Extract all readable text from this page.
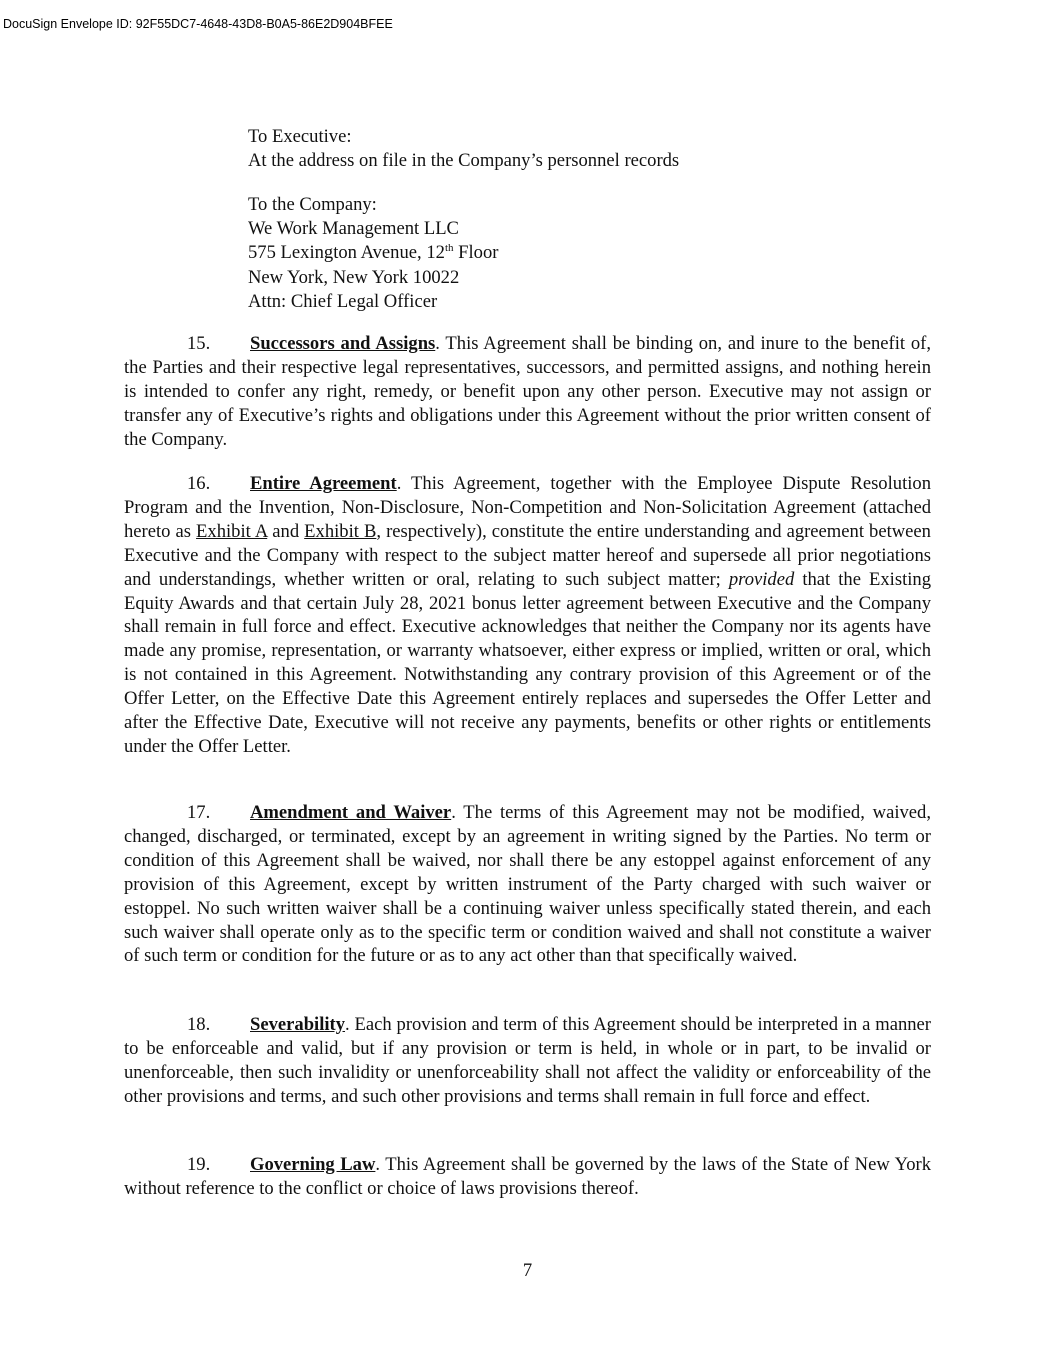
DocuSign Envelope ID: 92F55DC7-4648-43D8-B0A5-86E2D904BFEE
To Executive:
At the address on file in the Company’s personnel records
To the Company:
We Work Management LLC
575 Lexington Avenue, 12th Floor
New York, New York 10022
Attn: Chief Legal Officer
15. Successors and Assigns. This Agreement shall be binding on, and inure to the benefit of, the Parties and their respective legal representatives, successors, and permitted assigns, and nothing herein is intended to confer any right, remedy, or benefit upon any other person. Executive may not assign or transfer any of Executive’s rights and obligations under this Agreement without the prior written consent of the Company.
16. Entire Agreement. This Agreement, together with the Employee Dispute Resolution Program and the Invention, Non-Disclosure, Non-Competition and Non-Solicitation Agreement (attached hereto as Exhibit A and Exhibit B, respectively), constitute the entire understanding and agreement between Executive and the Company with respect to the subject matter hereof and supersede all prior negotiations and understandings, whether written or oral, relating to such subject matter; provided that the Existing Equity Awards and that certain July 28, 2021 bonus letter agreement between Executive and the Company shall remain in full force and effect. Executive acknowledges that neither the Company nor its agents have made any promise, representation, or warranty whatsoever, either express or implied, written or oral, which is not contained in this Agreement. Notwithstanding any contrary provision of this Agreement or of the Offer Letter, on the Effective Date this Agreement entirely replaces and supersedes the Offer Letter and after the Effective Date, Executive will not receive any payments, benefits or other rights or entitlements under the Offer Letter.
17. Amendment and Waiver. The terms of this Agreement may not be modified, waived, changed, discharged, or terminated, except by an agreement in writing signed by the Parties. No term or condition of this Agreement shall be waived, nor shall there be any estoppel against enforcement of any provision of this Agreement, except by written instrument of the Party charged with such waiver or estoppel. No such written waiver shall be a continuing waiver unless specifically stated therein, and each such waiver shall operate only as to the specific term or condition waived and shall not constitute a waiver of such term or condition for the future or as to any act other than that specifically waived.
18. Severability. Each provision and term of this Agreement should be interpreted in a manner to be enforceable and valid, but if any provision or term is held, in whole or in part, to be invalid or unenforceable, then such invalidity or unenforceability shall not affect the validity or enforceability of the other provisions and terms, and such other provisions and terms shall remain in full force and effect.
19. Governing Law. This Agreement shall be governed by the laws of the State of New York without reference to the conflict or choice of laws provisions thereof.
7
